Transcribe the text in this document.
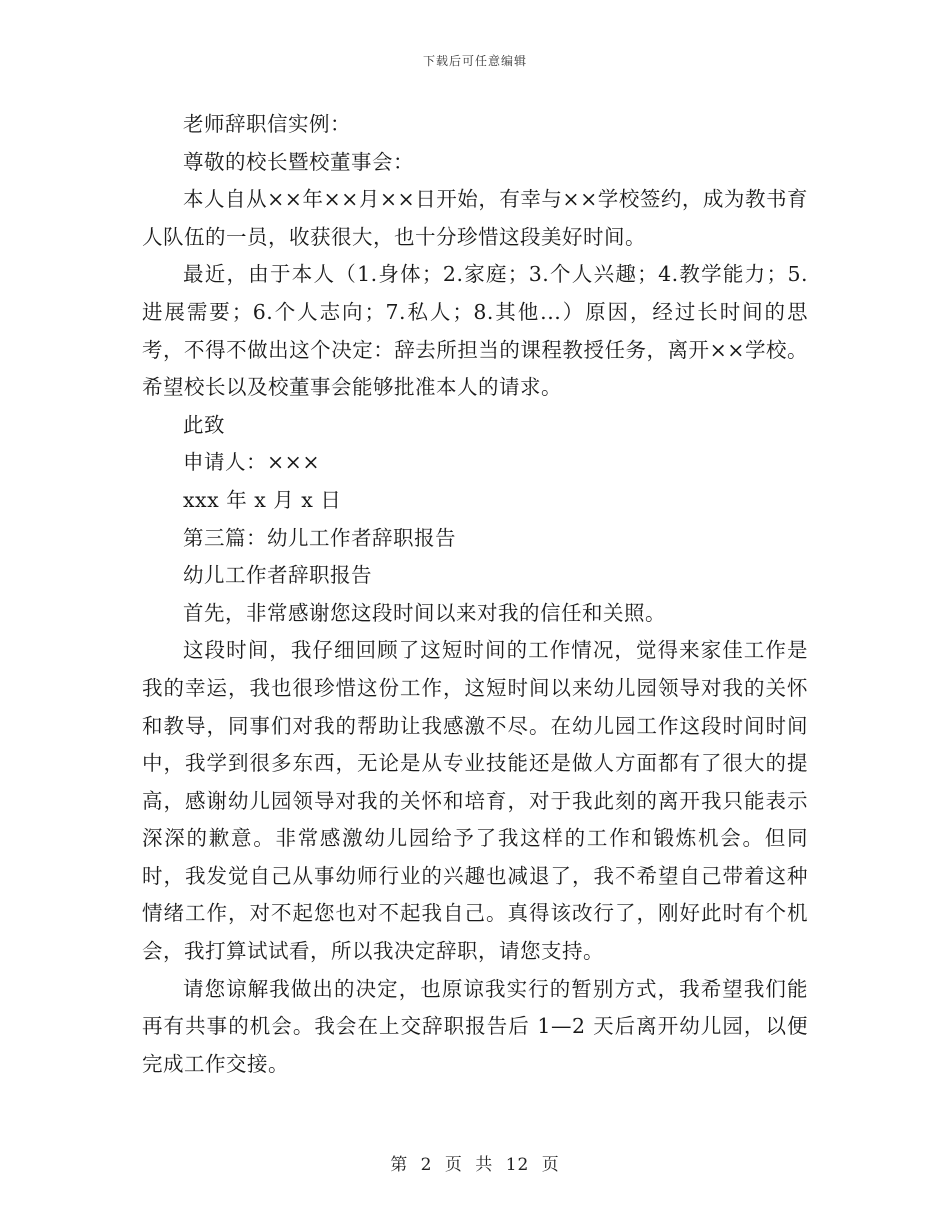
下载后可任意编辑

老师辞职信实例：

尊敬的校长暨校董事会：

本人自从××年××月××日开始，有幸与××学校签约，成为教书育人队伍的一员，收获很大，也十分珍惜这段美好时间。

最近，由于本人（1.身体；2.家庭；3.个人兴趣；4.教学能力；5.进展需要；6.个人志向；7.私人；8.其他...）原因，经过长时间的思考，不得不做出这个决定：辞去所担当的课程教授任务，离开××学校。希望校长以及校董事会能够批准本人的请求。

此致

申请人：×××

xxx 年 x 月 x 日

第三篇：幼儿工作者辞职报告

幼儿工作者辞职报告

首先，非常感谢您这段时间以来对我的信任和关照。

这段时间，我仔细回顾了这短时间的工作情况，觉得来家佳工作是我的幸运，我也很珍惜这份工作，这短时间以来幼儿园领导对我的关怀和教导，同事们对我的帮助让我感激不尽。在幼儿园工作这段时间时间中，我学到很多东西，无论是从专业技能还是做人方面都有了很大的提高，感谢幼儿园领导对我的关怀和培育，对于我此刻的离开我只能表示深深的歉意。非常感激幼儿园给予了我这样的工作和锻炼机会。但同时，我发觉自己从事幼师行业的兴趣也减退了，我不希望自己带着这种情绪工作，对不起您也对不起我自己。真得该改行了，刚好此时有个机会，我打算试试看，所以我决定辞职，请您支持。

请您谅解我做出的决定，也原谅我实行的暂别方式，我希望我们能再有共事的机会。我会在上交辞职报告后 1—2 天后离开幼儿园，以便完成工作交接。

第 2 页 共 12 页
